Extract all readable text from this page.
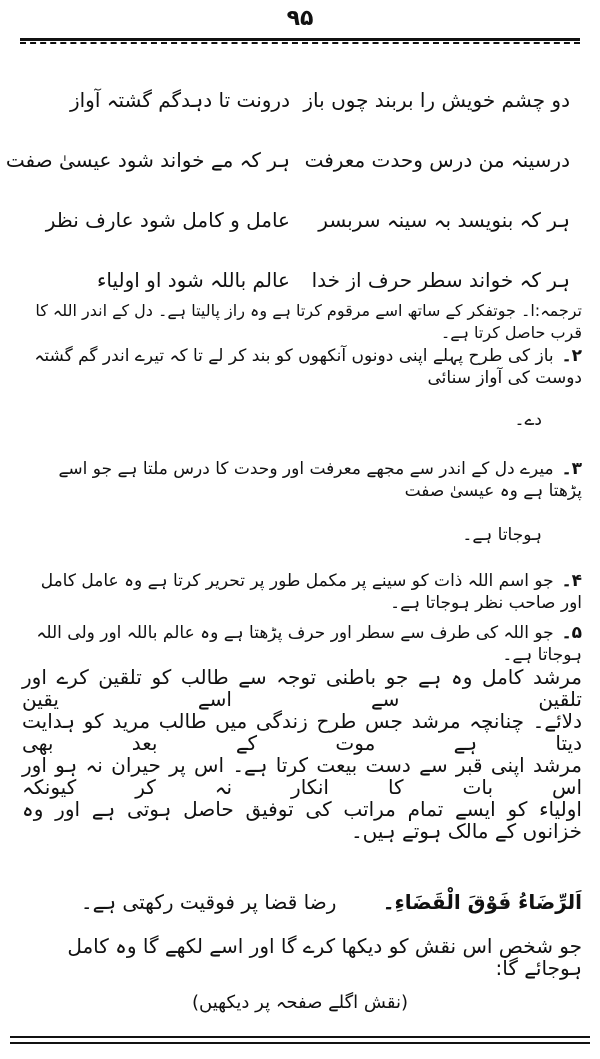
۹۵
دو چشم خویش را بربند چوں باز
درونت تا دہدگم گشتہ آواز
درسینہ من درس وحدت معرفت
ہر کہ مے خواند شود عیسیٰ صفت
ہر کہ بنویسد بہ سینہ سربسر
عامل و کامل شود عارف نظر
ہر کہ خواند سطر حرف از خدا
عالم باللہ شود او اولیاء
ترجمہ:ا۔ جوتفکر کے ساتھ اسے مرقوم کرتا ہے وہ راز پالیتا ہے۔ دل کے اندر اللہ کا قرب حاصل کرتا ہے۔
۲۔باز کی طرح پہلے اپنی دونوں آنکھوں کو بند کر لے تا کہ تیرے اندر گم گشتہ دوست کی آواز سنائی
دے۔
۳۔میرے دل کے اندر سے مجھے معرفت اور وحدت کا درس ملتا ہے جو اسے پڑھتا ہے وہ عیسیٰ صفت
ہوجاتا ہے۔
۴۔جو اسم اللہ ذات کو سینے پر مکمل طور پر تحریر کرتا ہے وہ عامل کامل اور صاحب نظر ہوجاتا ہے۔
۵۔جو اللہ کی طرف سے سطر اور حرف پڑھتا ہے وہ عالم باللہ اور ولی اللہ ہوجاتا ہے۔
مرشد کامل وہ ہے جو باطنی توجہ سے طالب کو تلقین کرے اور تلقین سے اسے یقین
دلائے۔ چنانچہ مرشد جس طرح زندگی میں طالب مرید کو ہدایت دیتا ہے موت کے بعد بھی
مرشد اپنی قبر سے دست بیعت کرتا ہے۔ اس پر حیران نہ ہو اور اس بات کا انکار نہ کر کیونکہ
اولیاء کو ایسے تمام مراتب کی توفیق حاصل ہوتی ہے اور وہ خزانوں کے مالک ہوتے ہیں۔
اَلرِّضَاءُ فَوْقَ الْقَضَاءِ۔ رضا قضا پر فوقیت رکھتی ہے۔
جو شخص اس نقش کو دیکھا کرے گا اور اسے لکھے گا وہ کامل ہوجائے گا:
(نقش اگلے صفحہ پر دیکھیں)
